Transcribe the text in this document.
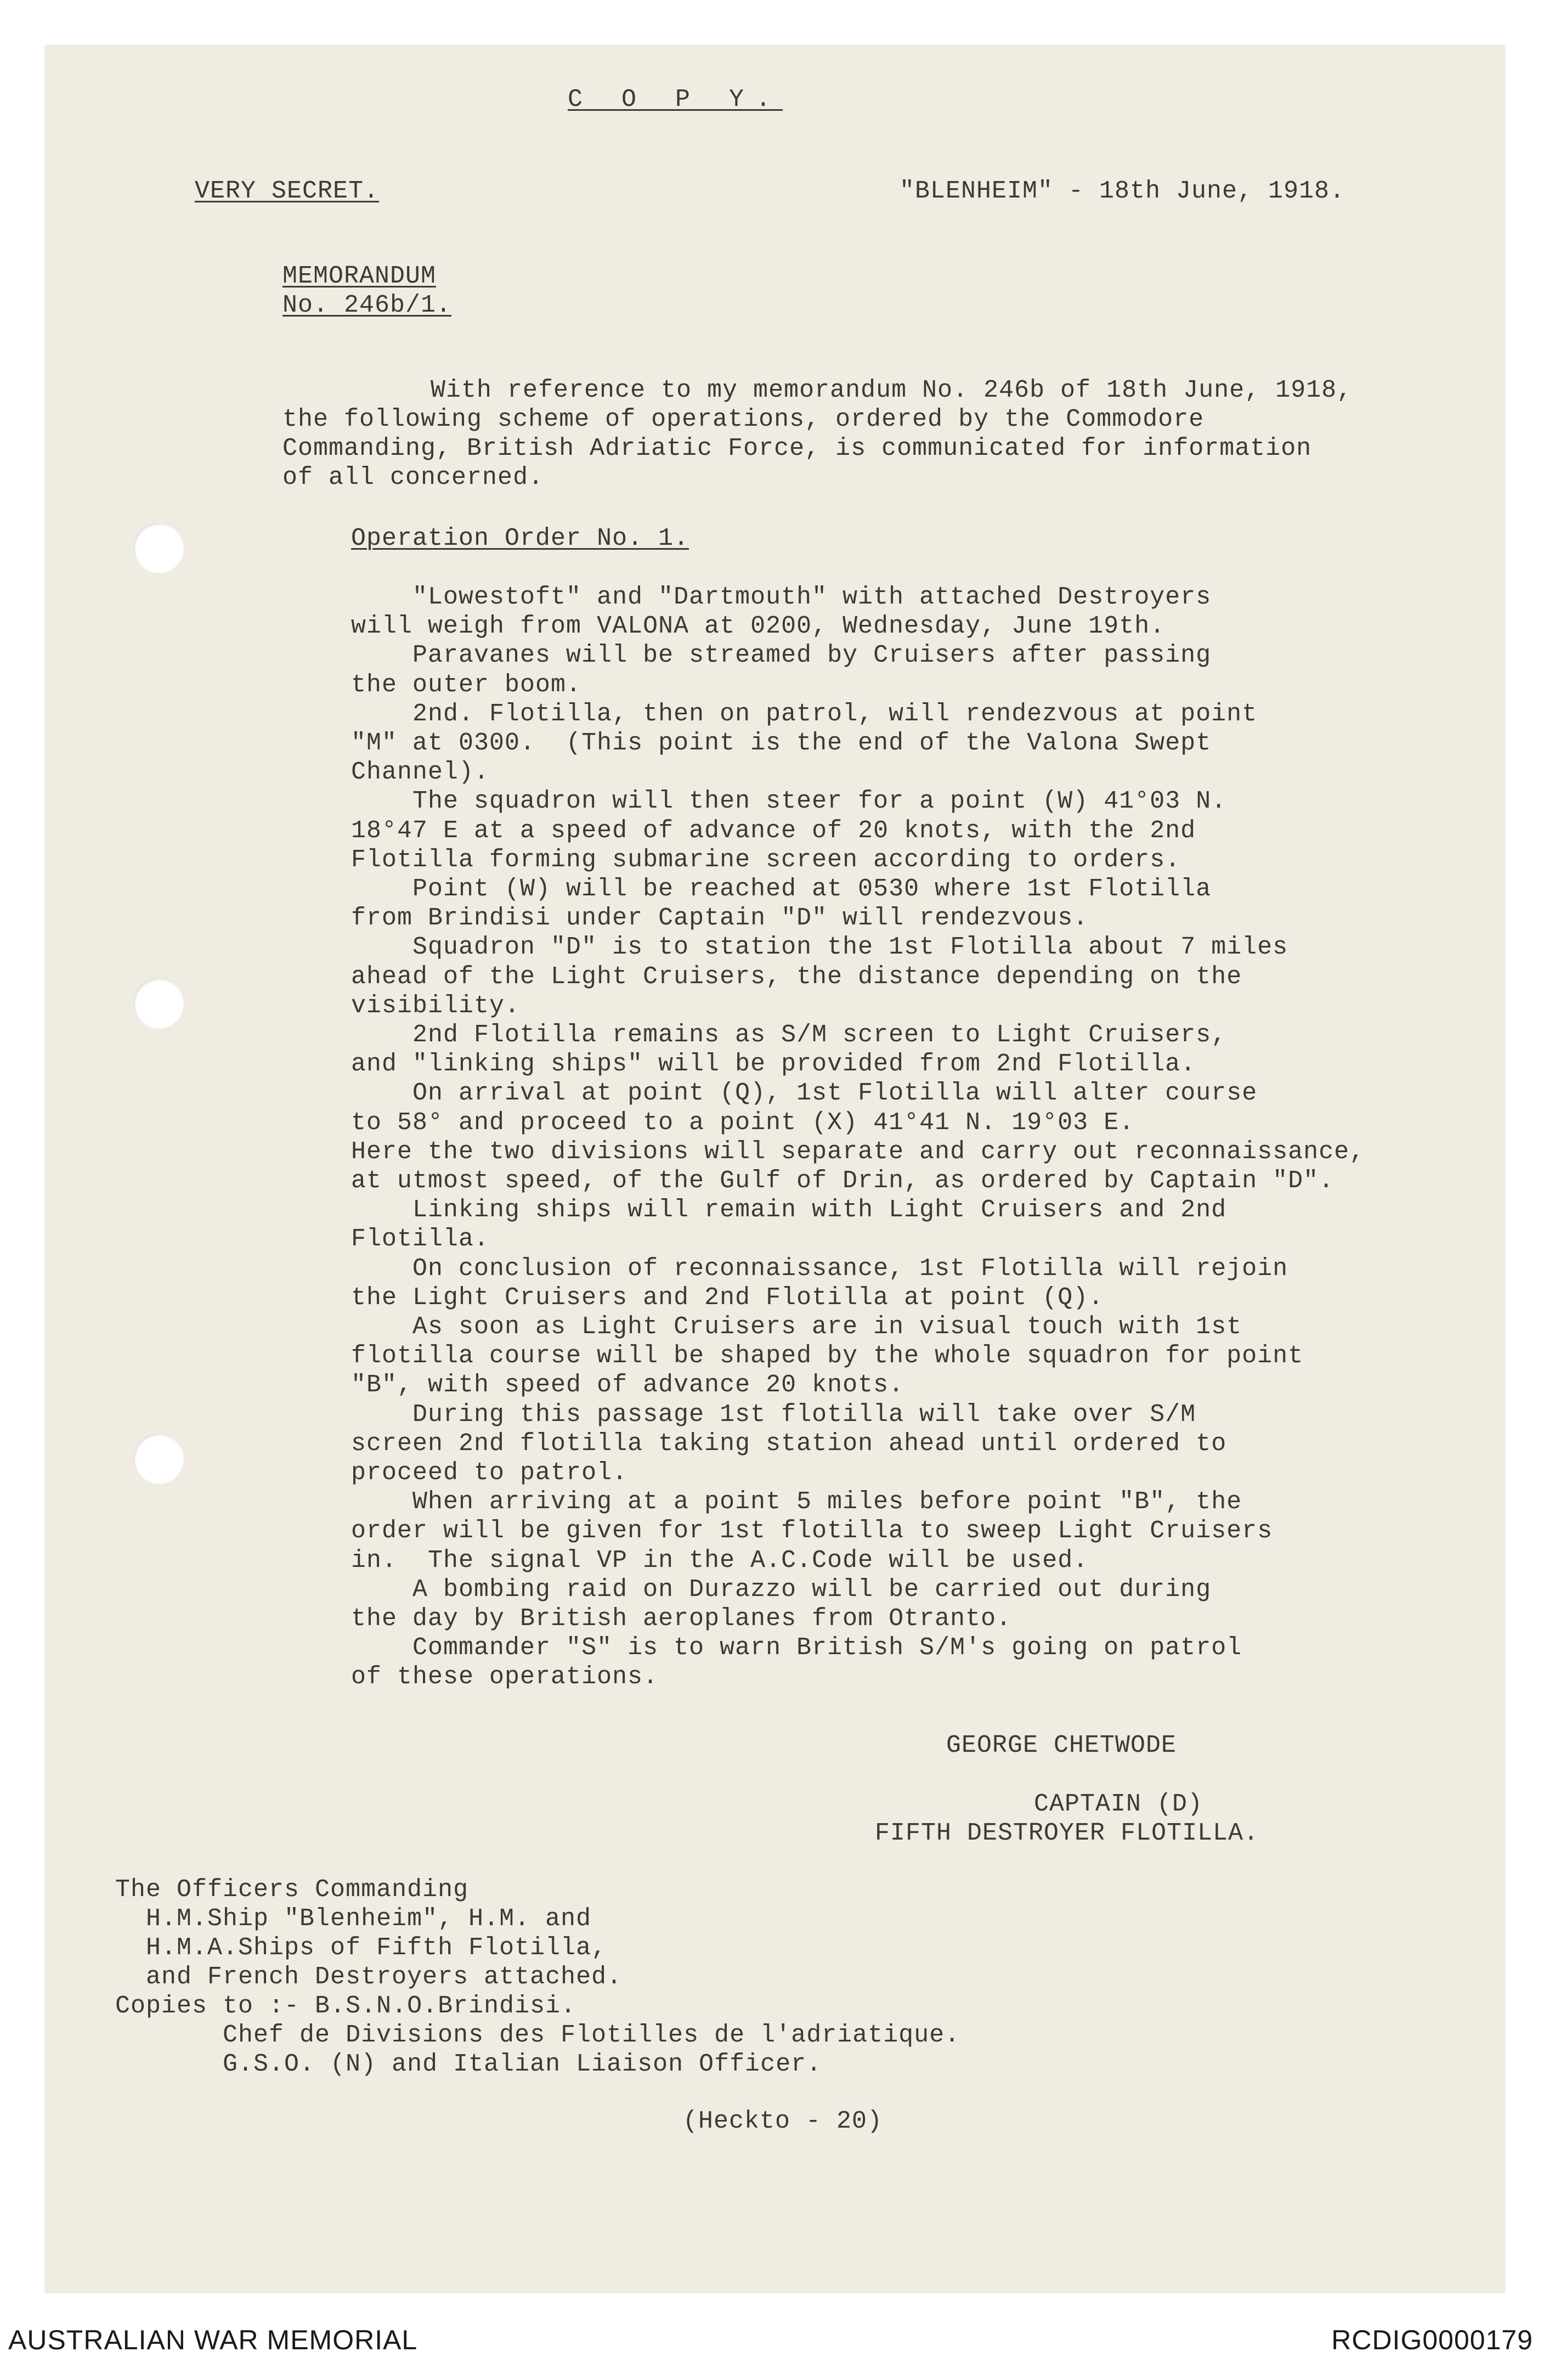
C O P Y.
VERY SECRET.	"BLENHEIM" - 18th June, 1918.
MEMORANDUM
No. 246b/1.
With reference to my memorandum No. 246b of 18th June, 1918,
the following scheme of operations, ordered by the Commodore
Commanding, British Adriatic Force, is communicated for information
of all concerned.
Operation Order No. 1.
"Lowestoft" and "Dartmouth" with attached Destroyers
will weigh from VALONA at 0200, Wednesday, June 19th.
Paravanes will be streamed by Cruisers after passing
the outer boom.
2nd. Flotilla, then on patrol, will rendezvous at point
"M" at 0300.  (This point is the end of the Valona Swept
Channel).
The squadron will then steer for a point (W) 41°03 N.
18°47 E at a speed of advance of 20 knots, with the 2nd
Flotilla forming submarine screen according to orders.
Point (W) will be reached at 0530 where 1st Flotilla
from Brindisi under Captain "D" will rendezvous.
Squadron "D" is to station the 1st Flotilla about 7 miles
ahead of the Light Cruisers, the distance depending on the
visibility.
2nd Flotilla remains as S/M screen to Light Cruisers,
and "linking ships" will be provided from 2nd Flotilla.
On arrival at point (Q), 1st Flotilla will alter course
to 58° and proceed to a point (X) 41°41 N. 19°03 E.
Here the two divisions will separate and carry out reconnaissance,
at utmost speed, of the Gulf of Drin, as ordered by Captain "D".
Linking ships will remain with Light Cruisers and 2nd
Flotilla.
On conclusion of reconnaissance, 1st Flotilla will rejoin
the Light Cruisers and 2nd Flotilla at point (Q).
As soon as Light Cruisers are in visual touch with 1st
flotilla course will be shaped by the whole squadron for point
"B", with speed of advance 20 knots.
During this passage 1st flotilla will take over S/M
screen 2nd flotilla taking station ahead until ordered to
proceed to patrol.
When arriving at a point 5 miles before point "B", the
order will be given for 1st flotilla to sweep Light Cruisers
in.  The signal VP in the A.C.Code will be used.
A bombing raid on Durazzo will be carried out during
the day by British aeroplanes from Otranto.
Commander "S" is to warn British S/M's going on patrol
of these operations.
GEORGE CHETWODE
CAPTAIN (D)
FIFTH DESTROYER FLOTILLA.
The Officers Commanding
H.M.Ship "Blenheim", H.M. and
H.M.A.Ships of Fifth Flotilla,
and French Destroyers attached.
Copies to :- B.S.N.O.Brindisi.
Chef de Divisions des Flotilles de l'adriatique.
G.S.O. (N) and Italian Liaison Officer.
(Heckto - 20)
AUSTRALIAN WAR MEMORIAL	RCDIG0000179
